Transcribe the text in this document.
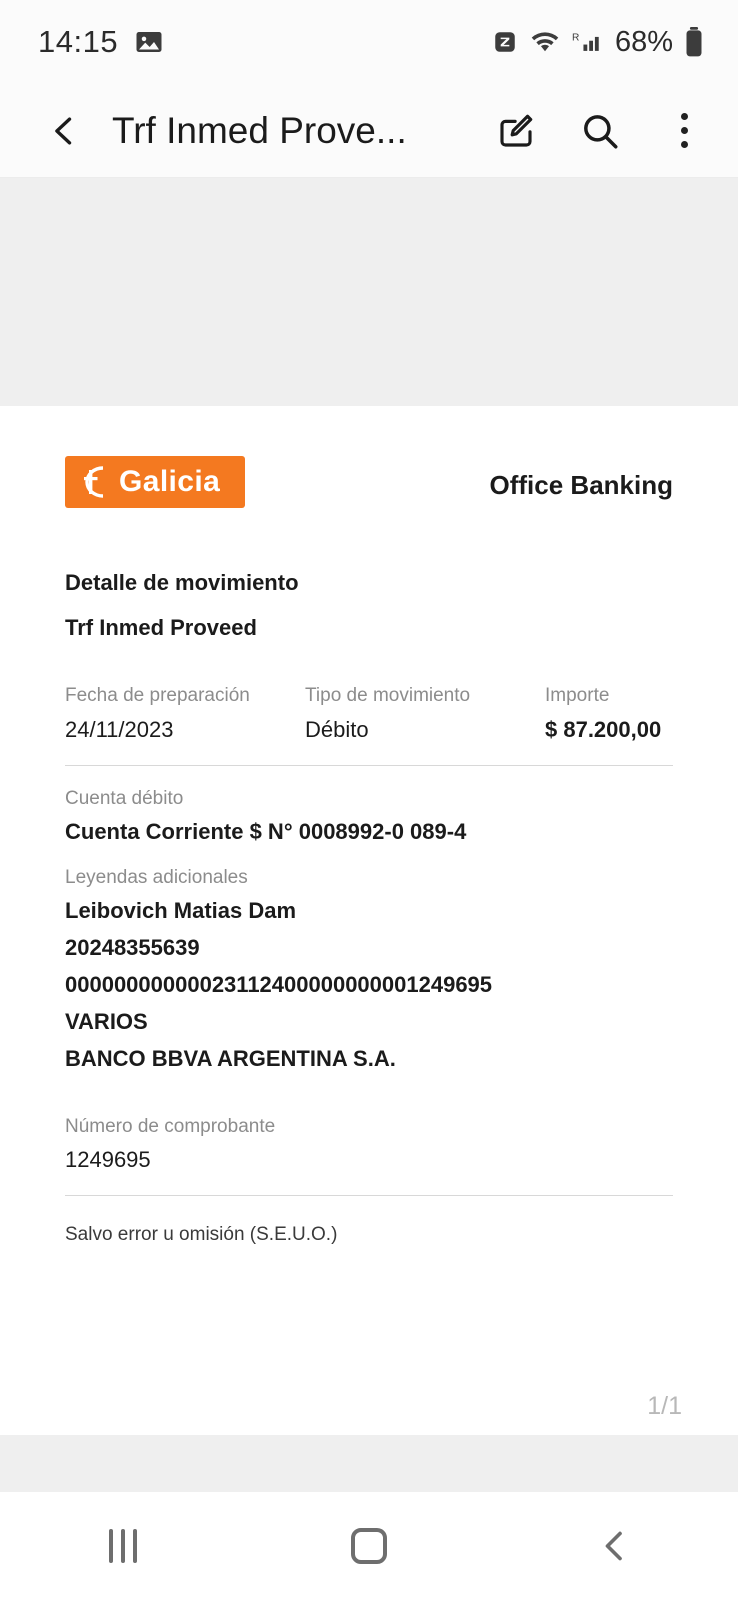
14:15	R 68%
Trf Inmed Prove...
Galicia	Office Banking
Detalle de movimiento
Trf Inmed Proveed
Fecha de preparación
24/11/2023
Tipo de movimiento
Débito
Importe
$ 87.200,00
Cuenta débito
Cuenta Corriente $ N° 0008992-0 089-4
Leyendas adicionales
Leibovich Matias Dam
20248355639
00000000000023112400000000001249695
VARIOS
BANCO BBVA ARGENTINA S.A.
Número de comprobante
1249695
Salvo error u omisión (S.E.U.O.)
1/1
